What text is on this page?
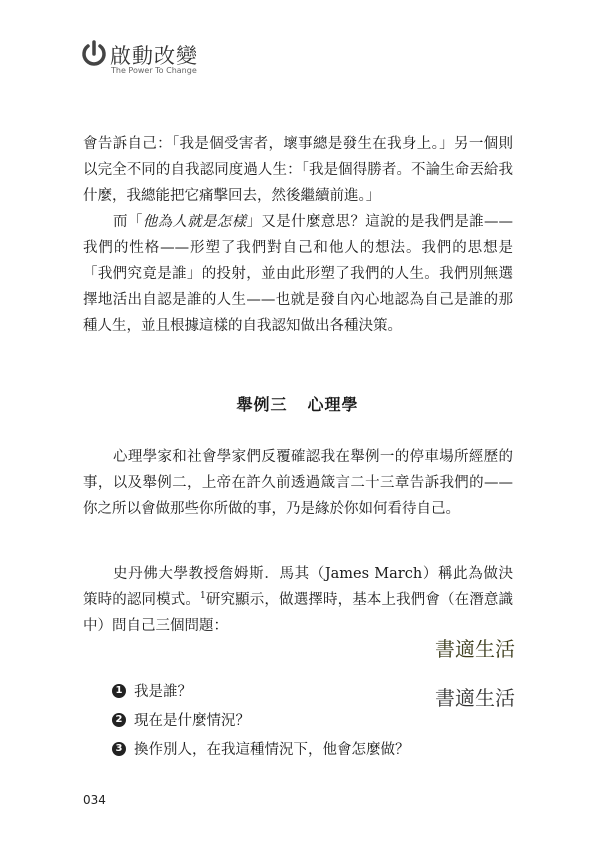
啟動改變
The Power To Change

會告訴自己：「我是個受害者，壞事總是發生在我身上。」另一個則以完全不同的自我認同度過人生：「我是個得勝者。不論生命丟給我什麼，我總能把它痛擊回去，然後繼續前進。」

而「他為人就是怎樣」又是什麼意思？這說的是我們是誰——我們的性格——形塑了我們對自己和他人的想法。我們的思想是「我們究竟是誰」的投射，並由此形塑了我們的人生。我們別無選擇地活出自認是誰的人生——也就是發自內心地認為自己是誰的那種人生，並且根據這樣的自我認知做出各種決策。

舉例三 心理學

心理學家和社會學家們反覆確認我在舉例一的停車場所經歷的事，以及舉例二，上帝在許久前透過箴言二十三章告訴我們的——你之所以會做那些你所做的事，乃是緣於你如何看待自己。

史丹佛大學教授詹姆斯．馬其（James March）稱此為做決策時的認同模式。$^1$研究顯示，做選擇時，基本上我們會（在潛意識中）問自己三個問題：

1 我是誰？
2 現在是什麼情況？
3 換作別人，在我這種情況下，他會怎麼做？
書適生活
書適生活
034
